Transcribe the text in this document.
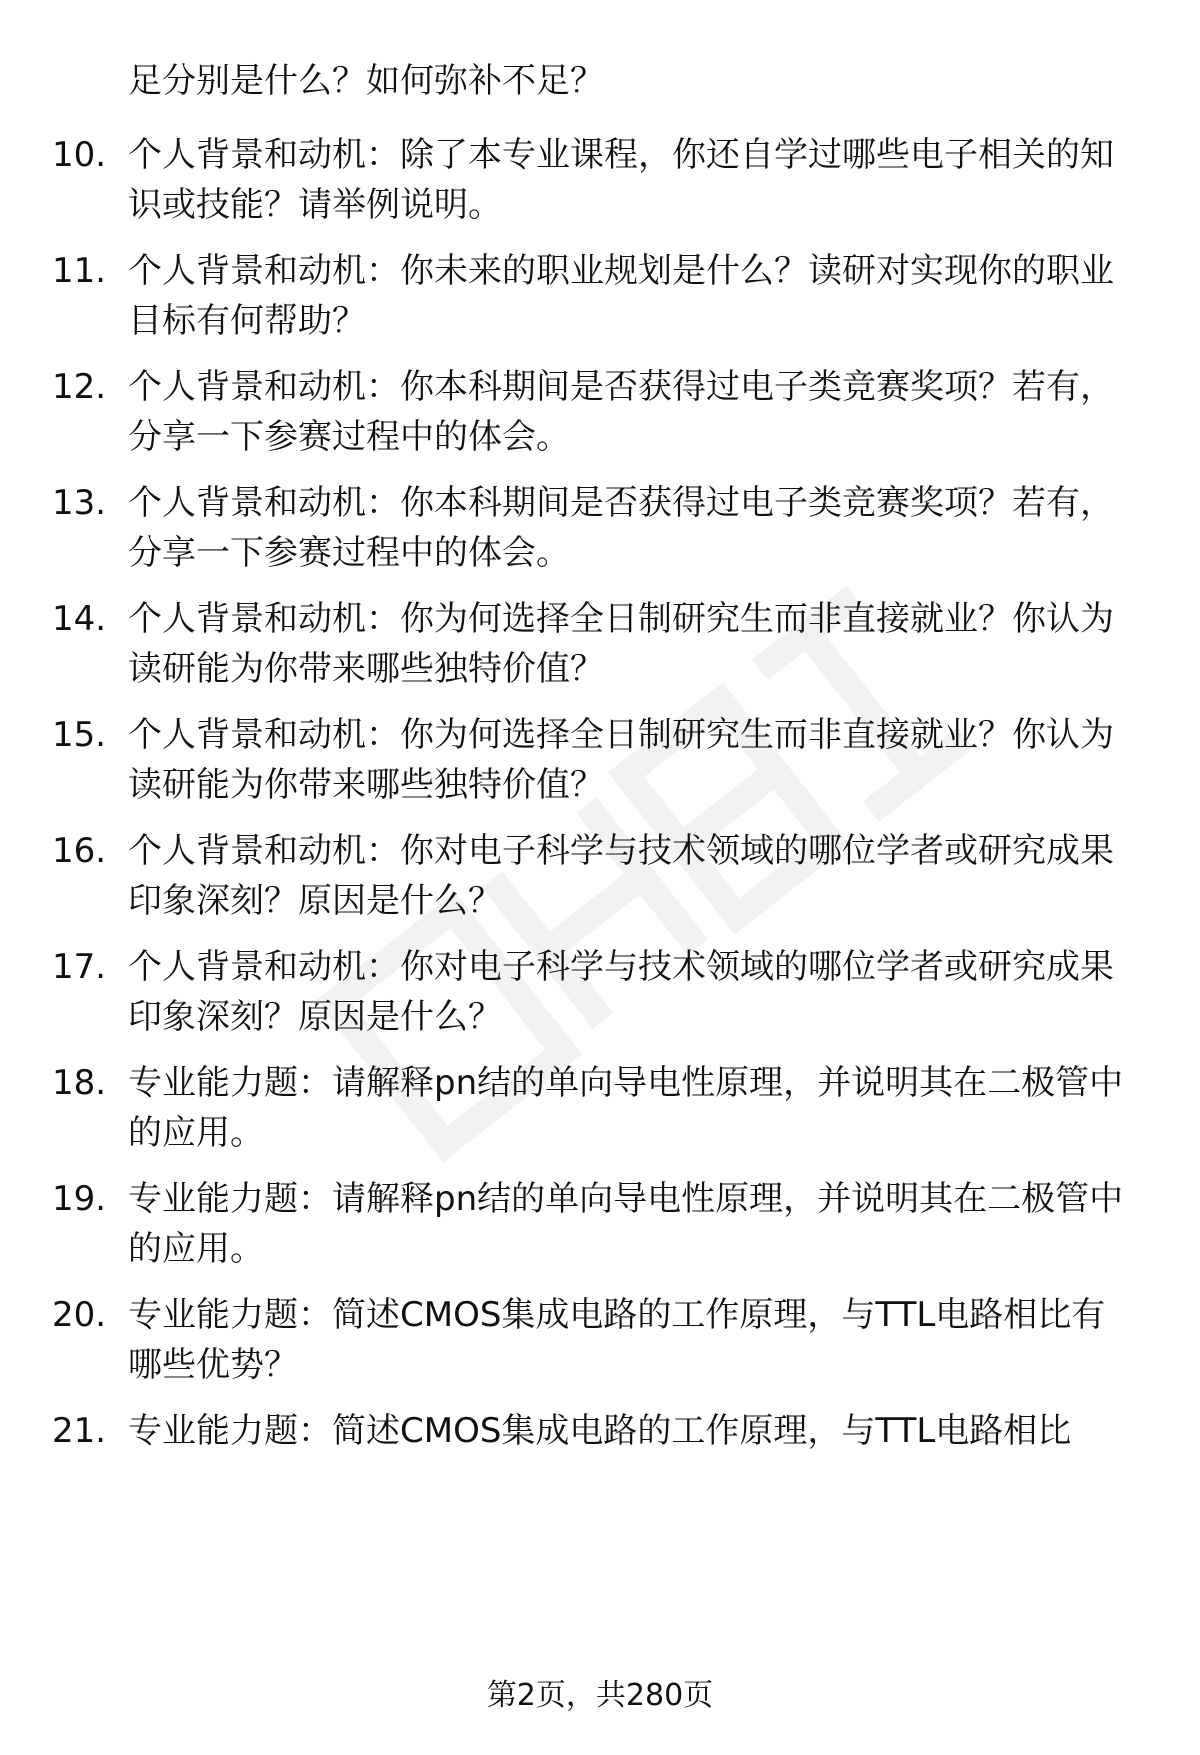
足分别是什么？如何弥补不足？
10. 个人背景和动机：除了本专业课程，你还自学过哪些电子相关的知识或技能？请举例说明。
11. 个人背景和动机：你未来的职业规划是什么？读研对实现你的职业目标有何帮助？
12. 个人背景和动机：你本科期间是否获得过电子类竞赛奖项？若有，分享一下参赛过程中的体会。
13. 个人背景和动机：你本科期间是否获得过电子类竞赛奖项？若有，分享一下参赛过程中的体会。
14. 个人背景和动机：你为何选择全日制研究生而非直接就业？你认为读研能为你带来哪些独特价值？
15. 个人背景和动机：你为何选择全日制研究生而非直接就业？你认为读研能为你带来哪些独特价值？
16. 个人背景和动机：你对电子科学与技术领域的哪位学者或研究成果印象深刻？原因是什么？
17. 个人背景和动机：你对电子科学与技术领域的哪位学者或研究成果印象深刻？原因是什么？
18. 专业能力题：请解释pn结的单向导电性原理，并说明其在二极管中的应用。
19. 专业能力题：请解释pn结的单向导电性原理，并说明其在二极管中的应用。
20. 专业能力题：简述CMOS集成电路的工作原理，与TTL电路相比有哪些优势？
21. 专业能力题：简述CMOS集成电路的工作原理，与TTL电路相比
第2页，共280页
